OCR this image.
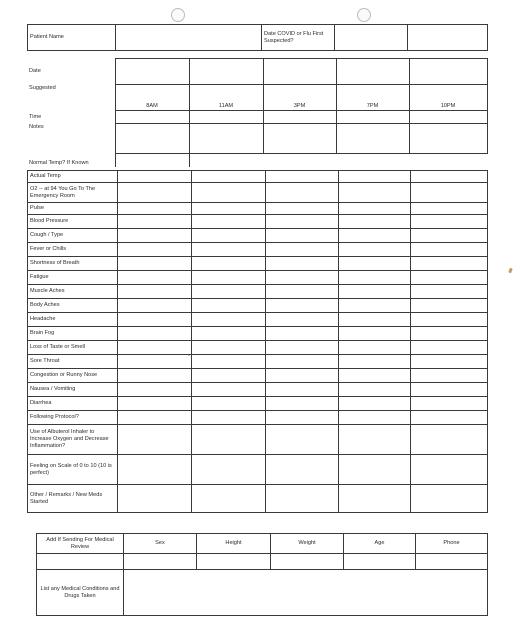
Patient Name		Date COVID or Flu First Suspected?		
Date					
Suggested	8AM	11AM	3PM	7PM	10PM
Time					
Notes					
Normal Temp? If Known					
Actual Temp					
O2 -- at 94 You Go To The Emergency Room					
Pulse					
Blood Pressure					
Cough / Type					
Fever or Chills					
Shortness of Breath					
Fatigue					
Muscle Aches					
Body Aches					
Headache					
Brain Fog					
Loss of Taste or Smell					
Sore Throat					
Congestion or Runny Nose					
Nausea / Vomiting					
Diarrhea					
Following Protocol?					
Use of Albuterol Inhaler to Increase Oxygen and Decrease Inflammation?					
Feeling on Scale of 0 to 10 (10 is perfect)					
Other / Remarks / New Meds Started					
Add If Sending For Medical Review	Sex	Height	Weight	Age	Phone

List any Medical Conditions and Drugs Taken					
